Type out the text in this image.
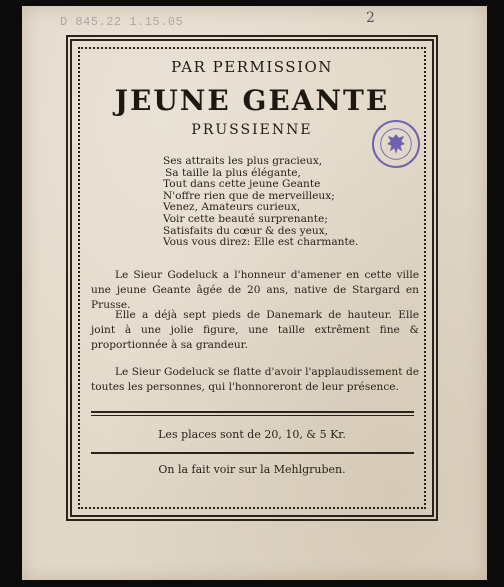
D 845.22 1.15.05	2
PAR PERMISSION
JEUNE GEANTE
PRUSSIENNE
Ses attraits les plus gracieux,
Sa taille la plus élégante,
Tout dans cette jeune Geante
N'offre rien que de merveilleux;
Venez, Amateurs curieux,
Voir cette beauté surprenante;
Satisfaits du cœur & des yeux,
Vous vous direz: Elle est charmante.
Le Sieur Godeluck a l'honneur d'amener en cette ville une jeune Geante âgée de 20 ans, native de Stargard en Prusse.
Elle a déjà sept pieds de Danemark de hauteur. Elle joint à une jolie figure, une taille extrêment fine & proportionnée à sa grandeur.
Le Sieur Godeluck se flatte d'avoir l'applaudissement de toutes les personnes, qui l'honnoreront de leur présence.
Les places sont de 20, 10, & 5 Kr.
On la fait voir sur la Mehlgruben.
